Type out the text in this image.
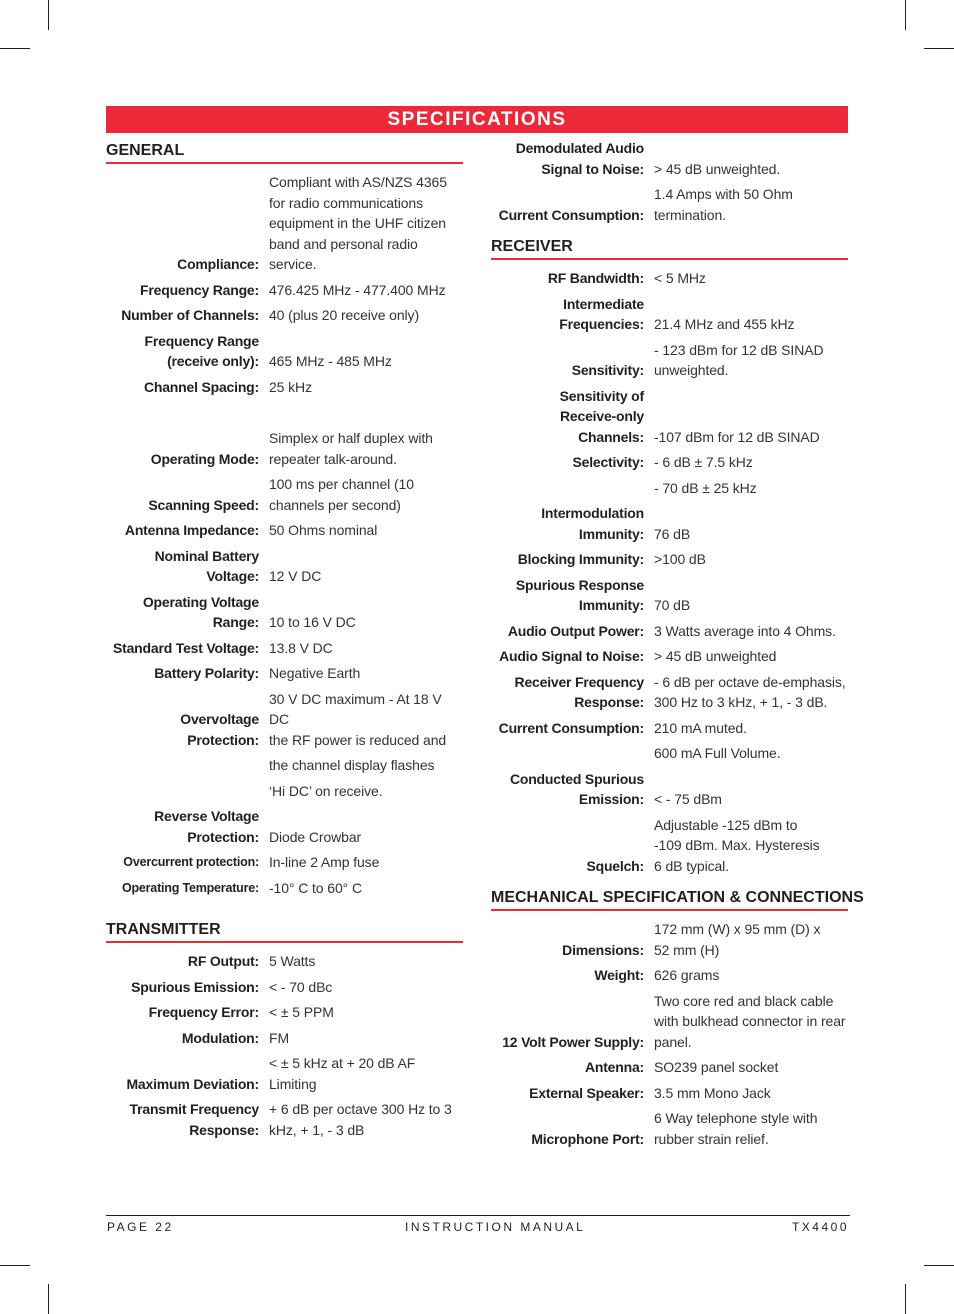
SPECIFICATIONS
GENERAL
Compliance:	Compliant with AS/NZS 4365
for radio communications
equipment in the UHF citizen
band and personal radio service.
Frequency Range:	476.425 MHz - 477.400 MHz
Number of Channels:	40 (plus 20 receive only)
Frequency Range
(receive only):	465 MHz - 485 MHz
Channel Spacing:	25 kHz

Operating Mode:	Simplex or half duplex with
repeater talk-around.
Scanning Speed:	100 ms per channel (10
channels per second)
Antenna Impedance:	50 Ohms nominal
Nominal Battery
Voltage:	12 V DC
Operating Voltage
Range:	10 to 16 V DC
Standard Test Voltage:	13.8 V DC
Battery Polarity:	Negative Earth
Overvoltage
Protection:	30 V DC maximum - At 18 V DC
the RF power is reduced and
	the channel display flashes
	‘Hi DC’ on receive.
Reverse Voltage
Protection:	Diode Crowbar
Overcurrent protection:	In-line 2 Amp fuse
Operating Temperature:	-10° C to 60° C
TRANSMITTER
RF Output:	5 Watts
Spurious Emission:	< - 70 dBc
Frequency Error:	< ± 5 PPM
Modulation:	FM
Maximum Deviation:	< ± 5 kHz at + 20 dB AF
Limiting
Transmit Frequency
Response:	+ 6 dB per octave 300 Hz to 3
kHz, + 1, - 3 dB
Demodulated Audio
Signal to Noise:	> 45 dB unweighted.
Current Consumption:	1.4 Amps with 50 Ohm
termination.
RECEIVER
RF Bandwidth:	< 5 MHz
Intermediate
Frequencies:	21.4 MHz and 455 kHz
Sensitivity:	- 123 dBm for 12 dB SINAD
unweighted.
Sensitivity of
Receive-only Channels:	-107 dBm for 12 dB SINAD
Selectivity:	- 6 dB ± 7.5 kHz
	- 70 dB ± 25 kHz
Intermodulation
Immunity:	76 dB
Blocking Immunity:	>100 dB
Spurious Response
Immunity:	70 dB
Audio Output Power:	3 Watts average into 4 Ohms.
Audio Signal to Noise:	> 45 dB unweighted
Receiver Frequency
Response:	- 6 dB per octave de-emphasis,
300 Hz to 3 kHz, + 1, - 3 dB.
Current Consumption:	210 mA muted.
	600 mA Full Volume.
Conducted Spurious
Emission:	< - 75 dBm
Squelch:	Adjustable -125 dBm to
-109 dBm. Max. Hysteresis
6 dB typical.
MECHANICAL SPECIFICATION & CONNECTIONS
Dimensions:	172 mm (W) x 95 mm (D) x
52 mm (H)
Weight:	626 grams
12 Volt Power Supply:	Two core red and black cable
with bulkhead connector in rear
panel.
Antenna:	SO239 panel socket
External Speaker:	3.5 mm Mono Jack
Microphone Port:	6 Way telephone style with
rubber strain relief.
PAGE 22	INSTRUCTION MANUAL	TX4400
